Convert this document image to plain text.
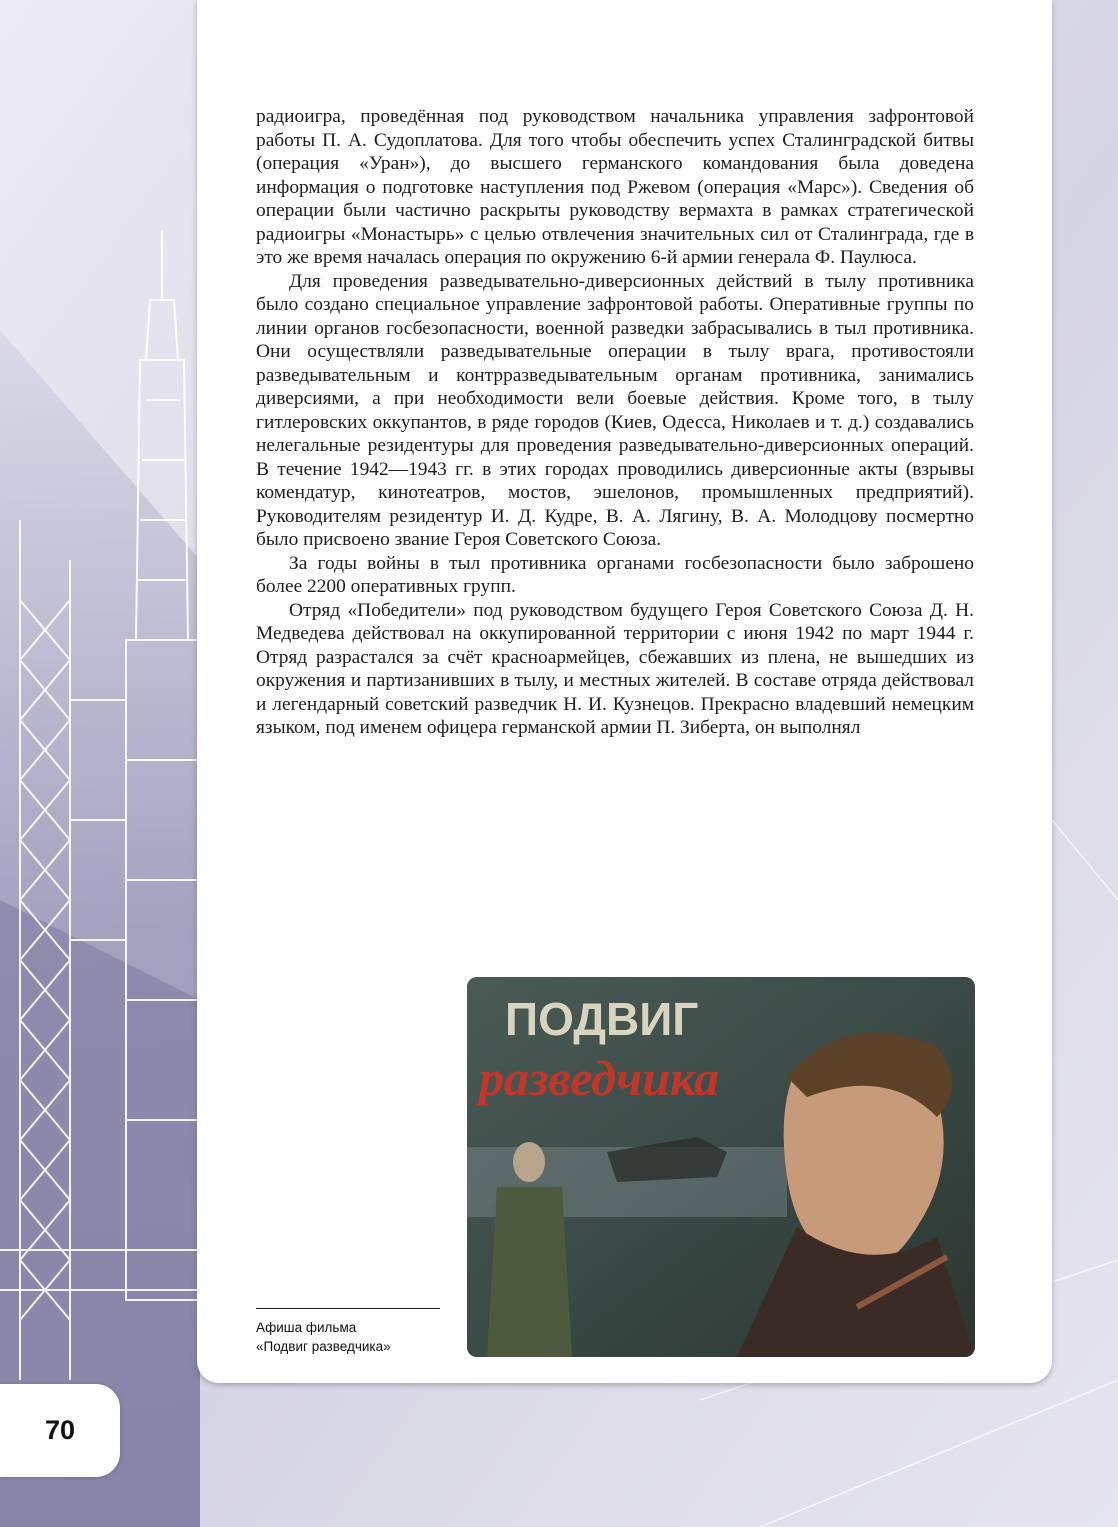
радиоигра, проведённая под руководством начальника управления зафронтовой работы П. А. Судоплатова. Для того чтобы обеспечить успех Сталинградской битвы (операция «Уран»), до высшего германского командования была доведена информация о подготовке наступления под Ржевом (операция «Марс»). Сведения об операции были частично раскрыты руководству вермахта в рамках стратегической радиоигры «Монастырь» с целью отвлечения значительных сил от Сталинграда, где в это же время началась операция по окружению 6-й армии генерала Ф. Паулюса.

Для проведения разведывательно-диверсионных действий в тылу противника было создано специальное управление зафронтовой работы. Оперативные группы по линии органов госбезопасности, военной разведки забрасывались в тыл противника. Они осуществляли разведывательные операции в тылу врага, противостояли разведывательным и контрразведывательным органам противника, занимались диверсиями, а при необходимости вели боевые действия. Кроме того, в тылу гитлеровских оккупантов, в ряде городов (Киев, Одесса, Николаев и т. д.) создавались нелегальные резидентуры для проведения разведывательно-диверсионных операций. В течение 1942—1943 гг. в этих городах проводились диверсионные акты (взрывы комендатур, кинотеатров, мостов, эшелонов, промышленных предприятий). Руководителям резидентур И. Д. Кудре, В. А. Лягину, В. А. Молодцову посмертно было присвоено звание Героя Советского Союза.

За годы войны в тыл противника органами госбезопасности было заброшено более 2200 оперативных групп.

Отряд «Победители» под руководством будущего Героя Советского Союза Д. Н. Медведева действовал на оккупированной территории с июня 1942 по март 1944 г. Отряд разрастался за счёт красноармейцев, сбежавших из плена, не вышедших из окружения и партизанивших в тылу, и местных жителей. В составе отряда действовал и легендарный советский разведчик Н. И. Кузнецов. Прекрасно владевший немецким языком, под именем офицера германской армии П. Зиберта, он выполнял

ПОДВИГ
разведчика
Афиша фильма
«Подвиг разведчика»
70
